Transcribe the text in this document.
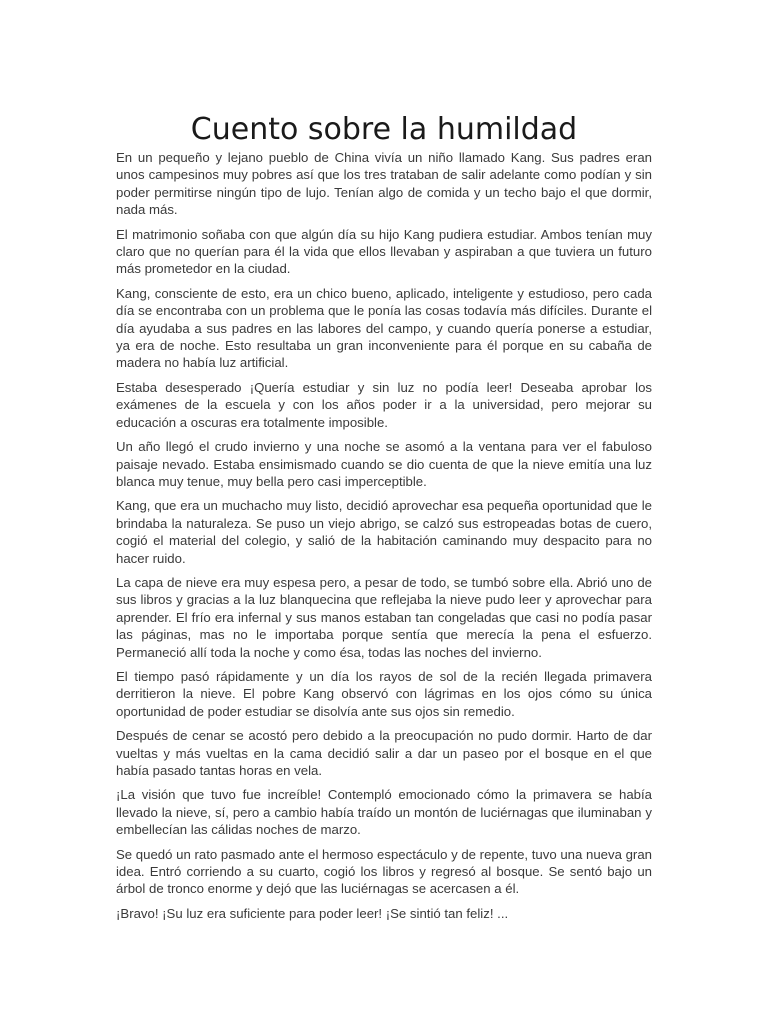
Cuento sobre la humildad

En un pequeño y lejano pueblo de China vivía un niño llamado Kang. Sus padres eran unos campesinos muy pobres así que los tres trataban de salir adelante como podían y sin poder permitirse ningún tipo de lujo. Tenían algo de comida y un techo bajo el que dormir, nada más.

El matrimonio soñaba con que algún día su hijo Kang pudiera estudiar. Ambos tenían muy claro que no querían para él la vida que ellos llevaban y aspiraban a que tuviera un futuro más prometedor en la ciudad.

Kang, consciente de esto, era un chico bueno, aplicado, inteligente y estudioso, pero cada día se encontraba con un problema que le ponía las cosas todavía más difíciles. Durante el día ayudaba a sus padres en las labores del campo, y cuando quería ponerse a estudiar, ya era de noche. Esto resultaba un gran inconveniente para él porque en su cabaña de madera no había luz artificial.

Estaba desesperado ¡Quería estudiar y sin luz no podía leer! Deseaba aprobar los exámenes de la escuela y con los años poder ir a la universidad, pero mejorar su educación a oscuras era totalmente imposible.

Un año llegó el crudo invierno y una noche se asomó a la ventana para ver el fabuloso paisaje nevado. Estaba ensimismado cuando se dio cuenta de que la nieve emitía una luz blanca muy tenue, muy bella pero casi imperceptible.

Kang, que era un muchacho muy listo, decidió aprovechar esa pequeña oportunidad que le brindaba la naturaleza. Se puso un viejo abrigo, se calzó sus estropeadas botas de cuero, cogió el material del colegio, y salió de la habitación caminando muy despacito para no hacer ruido.

La capa de nieve era muy espesa pero, a pesar de todo, se tumbó sobre ella. Abrió uno de sus libros y gracias a la luz blanquecina que reflejaba la nieve pudo leer y aprovechar para aprender. El frío era infernal y sus manos estaban tan congeladas que casi no podía pasar las páginas, mas no le importaba porque sentía que merecía la pena el esfuerzo. Permaneció allí toda la noche y como ésa, todas las noches del invierno.

El tiempo pasó rápidamente y un día los rayos de sol de la recién llegada primavera derritieron la nieve. El pobre Kang observó con lágrimas en los ojos cómo su única oportunidad de poder estudiar se disolvía ante sus ojos sin remedio.

Después de cenar se acostó pero debido a la preocupación no pudo dormir. Harto de dar vueltas y más vueltas en la cama decidió salir a dar un paseo por el bosque en el que había pasado tantas horas en vela.

¡La visión que tuvo fue increíble! Contempló emocionado cómo la primavera se había llevado la nieve, sí, pero a cambio había traído un montón de luciérnagas que iluminaban y embellecían las cálidas noches de marzo.

Se quedó un rato pasmado ante el hermoso espectáculo y de repente, tuvo una nueva gran idea. Entró corriendo a su cuarto, cogió los libros y regresó al bosque. Se sentó bajo un árbol de tronco enorme y dejó que las luciérnagas se acercasen a él.

¡Bravo! ¡Su luz era suficiente para poder leer! ¡Se sintió tan feliz! ...
